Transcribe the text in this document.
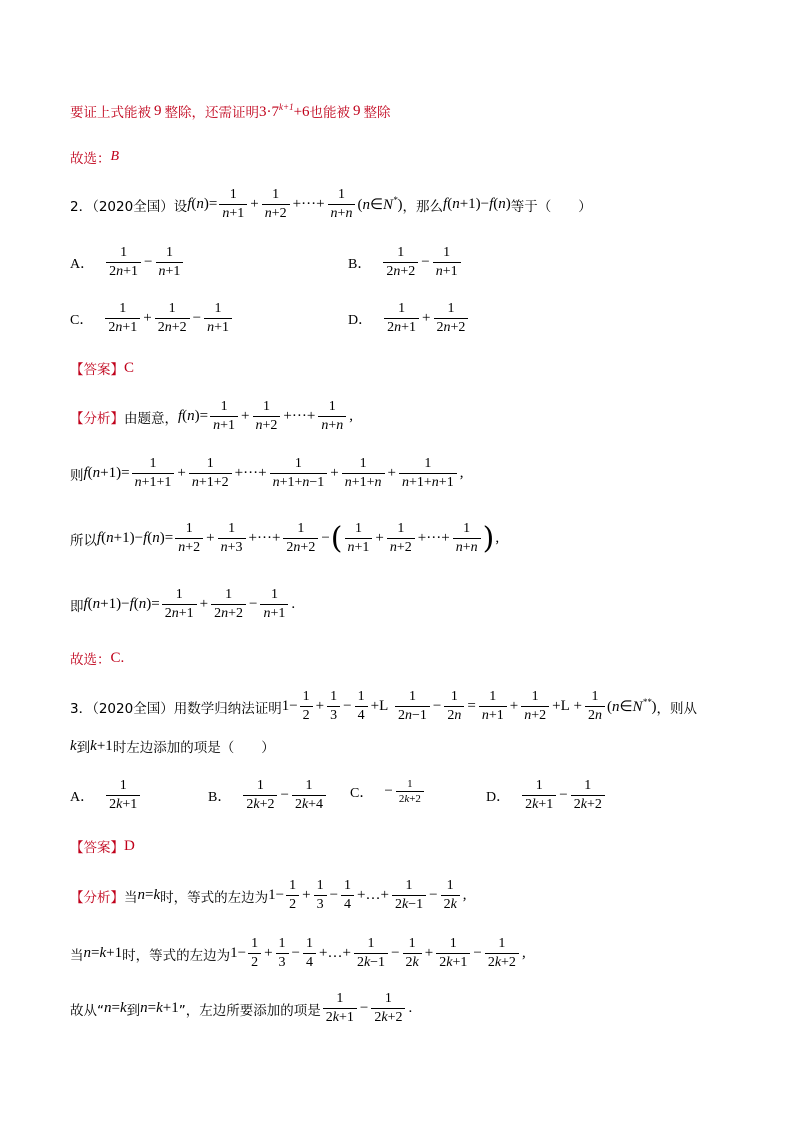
要证上式能被 9 整除，还需证明 $3\cdot 7^{k+1}+6$ 也能被 9 整除
故选： B
2．（2020全国）设 $f(n)= \frac{1}{n+1} + \frac{1}{n+2}$ +···+ $\frac{1}{n+n}$ (n∈N*) ，那么 f(n+1)−f(n) 等于（　　）
A． $\frac{1}{2n+1} - \frac{1}{n+1}$	B． $\frac{1}{2n+2} - \frac{1}{n+1}$
C． $\frac{1}{2n+1} + \frac{1}{2n+2} - \frac{1}{n+1}$	D． $\frac{1}{2n+1} + \frac{1}{2n+2}$
【答案】 C
【分析】 由题意， $f(n)= \frac{1}{n+1} + \frac{1}{n+2}$ +···+ $\frac{1}{n+n}$ ,
则 $f(n+1)= \frac{1}{n+1+1} + \frac{1}{n+1+2}$ +···+ $\frac{1}{n+1+n-1} + \frac{1}{n+1+n} + \frac{1}{n+1+n+1}$ ,
所以 $f(n+1)-f(n)= \frac{1}{n+2} + \frac{1}{n+3}$ +···+ $\frac{1}{2n+2}$ − ( $\frac{1}{n+1} + \frac{1}{n+2}$ +···+ $\frac{1}{n+n}$ ) ,
即 $f(n+1)-f(n)= \frac{1}{2n+1} + \frac{1}{2n+2} - \frac{1}{n+1}$ .
故选： C.
3．（2020全国）用数学归纳法证明 $1- \frac{1}{2} + \frac{1}{3} - \frac{1}{4} +L \frac{1}{2n-1} - \frac{1}{2n} = \frac{1}{n+1} + \frac{1}{n+2} +L + \frac{1}{2n}$ (n∈N**) ，则从
k 到 k+1 时左边添加的项是（　　）
A． $\frac{1}{2k+1}$	B． $\frac{1}{2k+2} - \frac{1}{2k+4}$ C． − $\frac{1}{2k+2}$	D． $\frac{1}{2k+1} - \frac{1}{2k+2}$
【答案】 D
【分析】 当 n=k 时，等式的左边为 $1- \frac{1}{2} + \frac{1}{3} - \frac{1}{4}$ +…+ $\frac{1}{2k-1} - \frac{1}{2k}$ ,
当 n=k+1 时，等式的左边为 $1- \frac{1}{2} + \frac{1}{3} - \frac{1}{4}$ +…+ $\frac{1}{2k-1} - \frac{1}{2k} + \frac{1}{2k+1} - \frac{1}{2k+2}$ ,
故从“ n=k 到 n=k+1 ”，左边所要添加的项是 $\frac{1}{2k+1} - \frac{1}{2k+2}$ .
